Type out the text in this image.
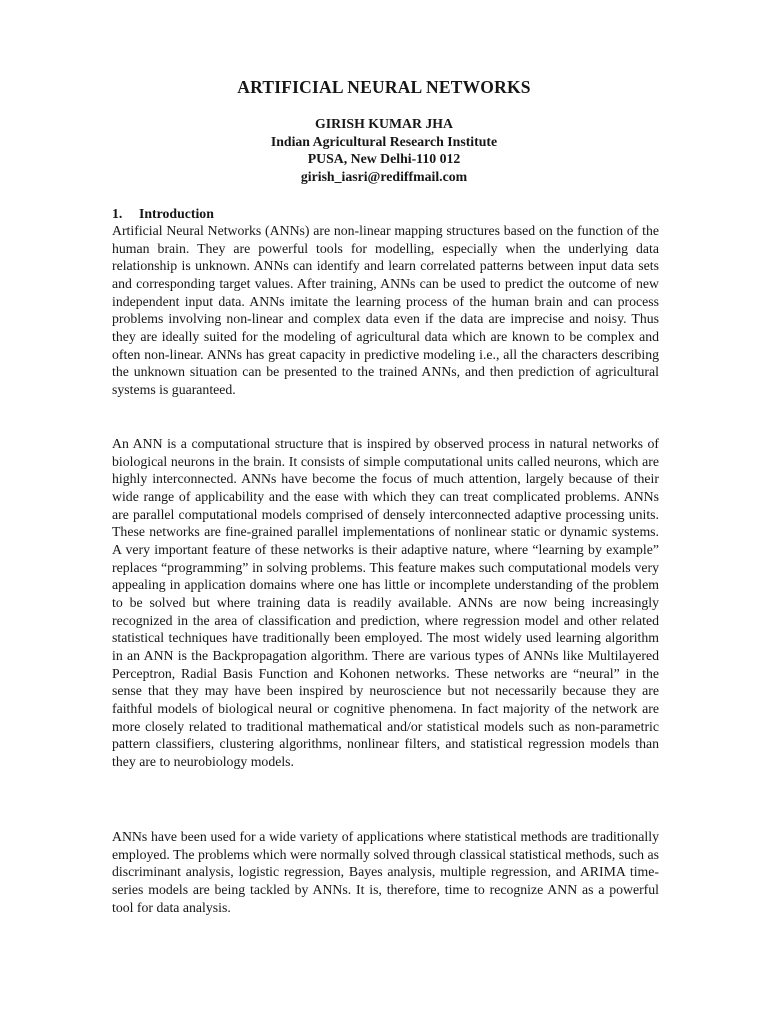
ARTIFICIAL NEURAL NETWORKS
GIRISH KUMAR JHA
Indian Agricultural Research Institute
PUSA, New Delhi-110 012
girish_iasri@rediffmail.com
1. Introduction

Artificial Neural Networks (ANNs) are non-linear mapping structures based on the function of the human brain. They are powerful tools for modelling, especially when the underlying data relationship is unknown. ANNs can identify and learn correlated patterns between input data sets and corresponding target values. After training, ANNs can be used to predict the outcome of new independent input data. ANNs imitate the learning process of the human brain and can process problems involving non-linear and complex data even if the data are imprecise and noisy. Thus they are ideally suited for the modeling of agricultural data which are known to be complex and often non-linear. ANNs has great capacity in predictive modeling i.e., all the characters describing the unknown situation can be presented to the trained ANNs, and then prediction of agricultural systems is guaranteed.

An ANN is a computational structure that is inspired by observed process in natural networks of biological neurons in the brain. It consists of simple computational units called neurons, which are highly interconnected. ANNs have become the focus of much attention, largely because of their wide range of applicability and the ease with which they can treat complicated problems. ANNs are parallel computational models comprised of densely interconnected adaptive processing units. These networks are fine-grained parallel implementations of nonlinear static or dynamic systems. A very important feature of these networks is their adaptive nature, where “learning by example” replaces “programming” in solving problems. This feature makes such computational models very appealing in application domains where one has little or incomplete understanding of the problem to be solved but where training data is readily available. ANNs are now being increasingly recognized in the area of classification and prediction, where regression model and other related statistical techniques have traditionally been employed. The most widely used learning algorithm in an ANN is the Backpropagation algorithm. There are various types of ANNs like Multilayered Perceptron, Radial Basis Function and Kohonen networks. These networks are “neural” in the sense that they may have been inspired by neuroscience but not necessarily because they are faithful models of biological neural or cognitive phenomena. In fact majority of the network are more closely related to traditional mathematical and/or statistical models such as non-parametric pattern classifiers, clustering algorithms, nonlinear filters, and statistical regression models than they are to neurobiology models.

ANNs have been used for a wide variety of applications where statistical methods are traditionally employed. The problems which were normally solved through classical statistical methods, such as discriminant analysis, logistic regression, Bayes analysis, multiple regression, and ARIMA time-series models are being tackled by ANNs. It is, therefore, time to recognize ANN as a powerful tool for data analysis.
